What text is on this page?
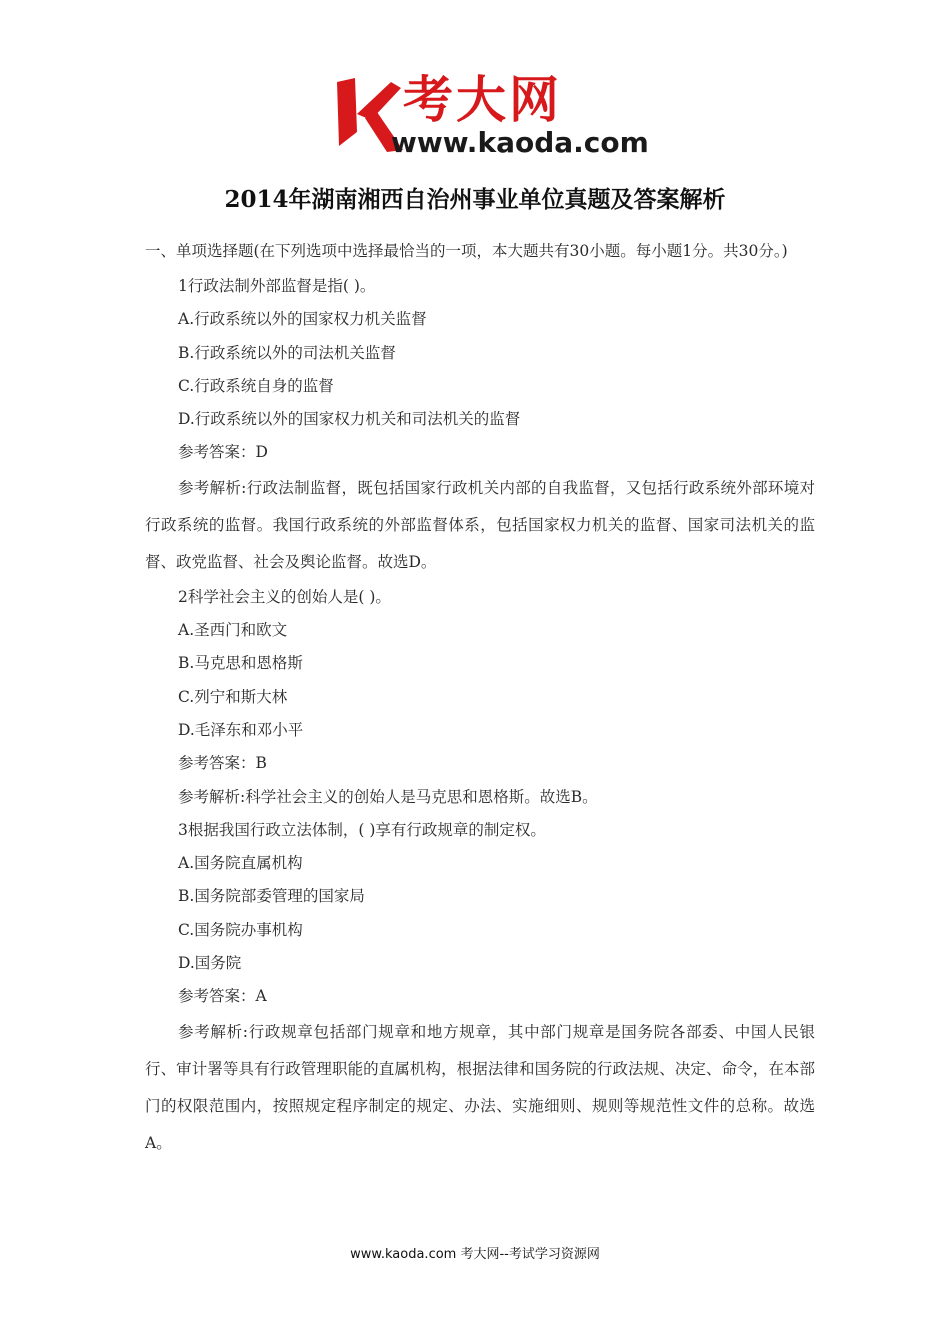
考大网
www.kaoda.com
2014年湖南湘西自治州事业单位真题及答案解析

一、单项选择题(在下列选项中选择最恰当的一项，本大题共有30小题。每小题1分。共30分。)

1行政法制外部监督是指( )。

A.行政系统以外的国家权力机关监督

B.行政系统以外的司法机关监督

C.行政系统自身的监督

D.行政系统以外的国家权力机关和司法机关的监督

参考答案：D

参考解析:行政法制监督，既包括国家行政机关内部的自我监督，又包括行政系统外部环境对行政系统的监督。我国行政系统的外部监督体系，包括国家权力机关的监督、国家司法机关的监督、政党监督、社会及舆论监督。故选D。

2科学社会主义的创始人是( )。

A.圣西门和欧文

B.马克思和恩格斯

C.列宁和斯大林

D.毛泽东和邓小平

参考答案：B

参考解析:科学社会主义的创始人是马克思和恩格斯。故选B。

3根据我国行政立法体制，( )享有行政规章的制定权。

A.国务院直属机构

B.国务院部委管理的国家局

C.国务院办事机构

D.国务院

参考答案：A

参考解析:行政规章包括部门规章和地方规章，其中部门规章是国务院各部委、中国人民银行、审计署等具有行政管理职能的直属机构，根据法律和国务院的行政法规、决定、命令，在本部门的权限范围内，按照规定程序制定的规定、办法、实施细则、规则等规范性文件的总称。故选A。

www.kaoda.com 考大网--考试学习资源网
